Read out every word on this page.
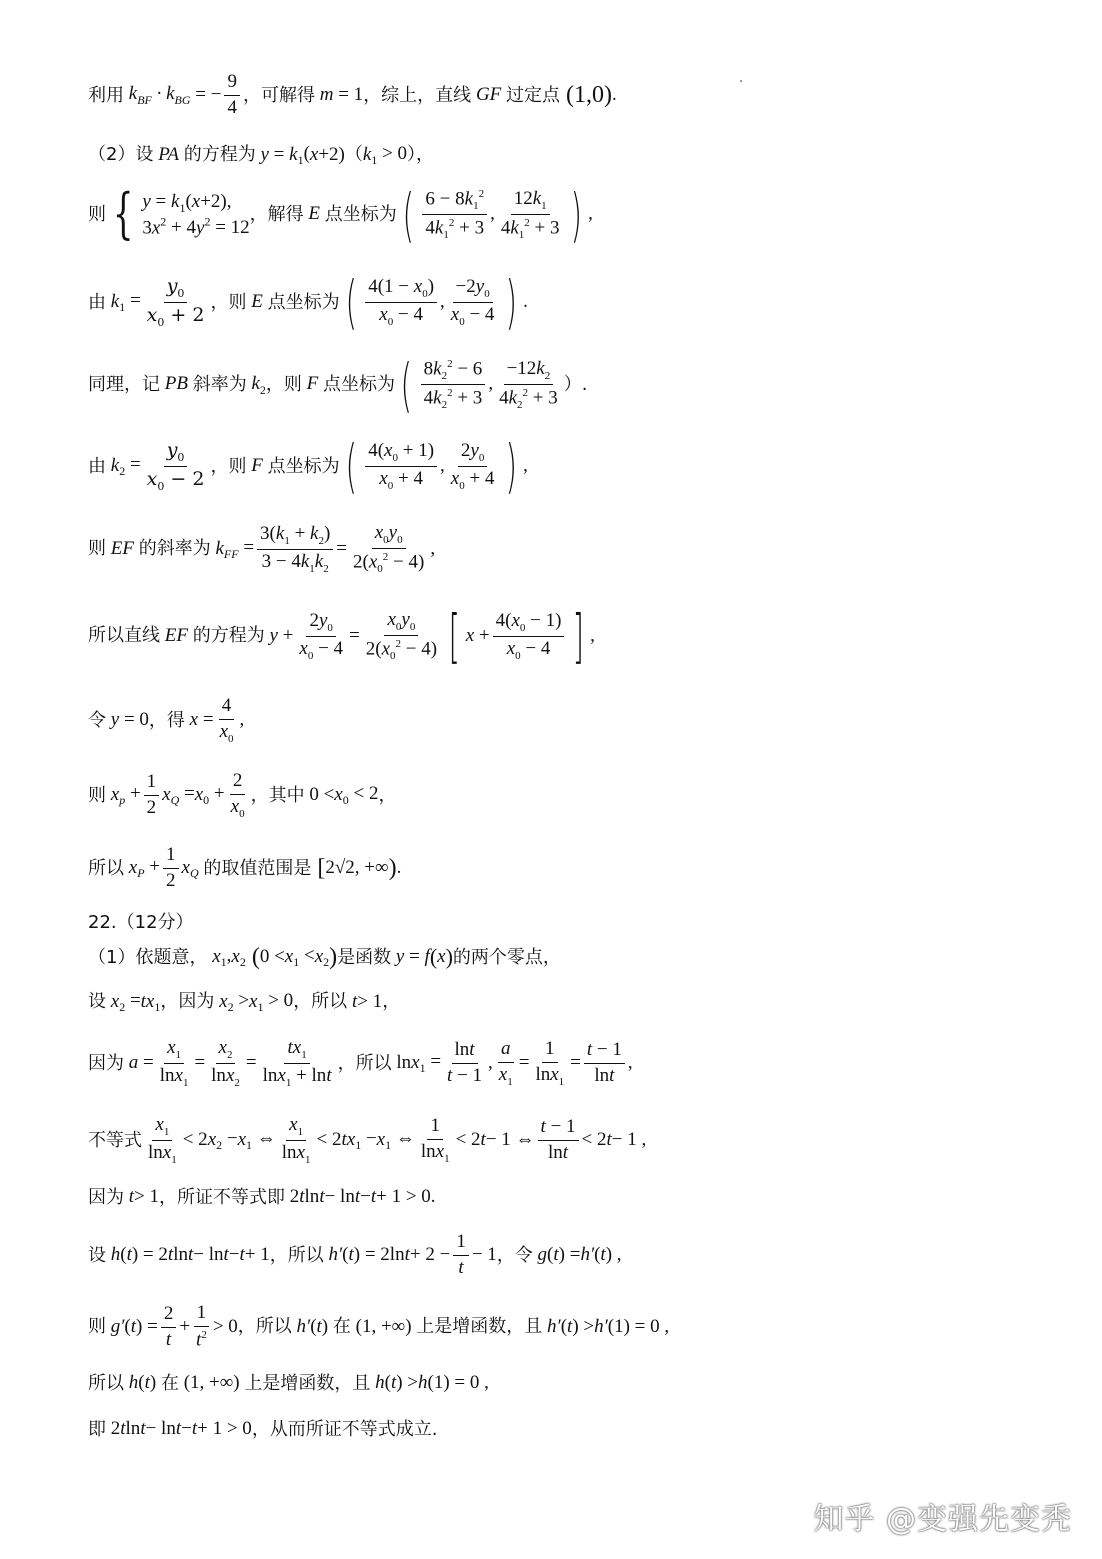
利用 $k_{BF} \cdot k_{BG}$ = − $\frac{9}{4}$ ，可解得 m = 1 ，综上，直线 GF 过定点 (1,0) .
（2）设 PA 的方程为 y = k $_1$( x +2) （ k $_1$ > 0 ），
则 { $y = k_1(x+2)$,
$3x^2 + 4y^2 = 12$
，解得 E 点坐标为 ( $\frac{6 - 8k_1^2}{4k_1^2 + 3}$ , $\frac{12k_1}{4k_1^2 + 3}$ ) ,
由 k $_1 = \frac{y_0}{x_0 + 2}$ ，则 E 点坐标为 ( $\frac{4(1 - x_0)}{x_0 - 4}$ , $\frac{-2y_0}{x_0 - 4}$ ) .
同理，记 PB 斜率为 k $_2$ ，则 F 点坐标为 ( $\frac{8k_2^2 - 6}{4k_2^2 + 3}$ , $\frac{-12k_2}{4k_2^2 + 3}$ ）.
由 k $_2 = \frac{y_0}{x_0 - 2}$ ，则 F 点坐标为 ( $\frac{4(x_0 + 1)}{x_0 + 4}$ , $\frac{2y_0}{x_0 + 4}$ ) ,
则 EF 的斜率为 k $_{FF} = \frac{3(k_1 + k_2)}{3 - 4k_1k_2} = \frac{x_0y_0}{2(x_0^2 - 4)}$ ,
所以直线 EF 的方程为 $y + \frac{2y_0}{x_0 - 4} = \frac{x_0y_0}{2(x_0^2 - 4)}$ [ $x + \frac{4(x_0 - 1)}{x_0 - 4}$ ] ,
令 y = 0 ，得 $x = \frac{4}{x_0}$ ,
则 x $_p + \frac{1}{2}$ x $_Q$ = x $_0 + \frac{2}{x_0}$ ，其中 0 < x $_0$ < 2 ，
所以 x $_P + \frac{1}{2}$ x $_Q$ 的取值范围是 [ 2√2, +∞ ) .
22.（12分）
（1）依题意， x $_1$, x $_2$ ( 0 < x $_1$ < x $_2$ ) 是函数 y = f ( x ) 的两个零点，
设 x $_2$ = tx $_1$ ，因为 x $_2$ > x $_1$ > 0 ，所以 t > 1 ，
因为 $a = \frac{x_1}{\ln x_1} = \frac{x_2}{\ln x_2} = \frac{tx_1}{\ln x_1 + \ln t}$ ，所以 ln x $_1 = \frac{\ln t}{t - 1}$ , $\frac{a}{x_1} = \frac{1}{\ln x_1} = \frac{t - 1}{\ln t}$ ,
不等式 $\frac{x_1}{\ln x_1} < 2$ x $_2$ − x $_1$ ⇔ $\frac{x_1}{\ln x_1} < 2$ tx $_1$ − x $_1$ ⇔ $\frac{1}{\ln x_1} < 2$ t − 1 ⇔ $\frac{t - 1}{\ln t} < 2$ t − 1 ,
因为 t > 1 ，所证不等式即 2 t ln t − ln t − t + 1 > 0.
设 h ( t ) = 2 t ln t − ln t − t + 1 ，所以 h′ ( t ) = 2ln $t + 2 - \frac{1}{t} - 1$ ，令 g ( t ) = h′ ( t ) ,
则 g′ ( t ) = $\frac{2}{t} + \frac{1}{t^2} > 0$ ，所以 h′ ( t ) 在 (1, +∞) 上是增函数，且 h′ ( t ) > h′ (1) = 0 ,
所以 h ( t ) 在 (1, +∞) 上是增函数，且 h ( t ) > h (1) = 0 ,
即 2 t ln t − ln t − t + 1 > 0 ，从而所证不等式成立.
知乎 @变强先变秃
